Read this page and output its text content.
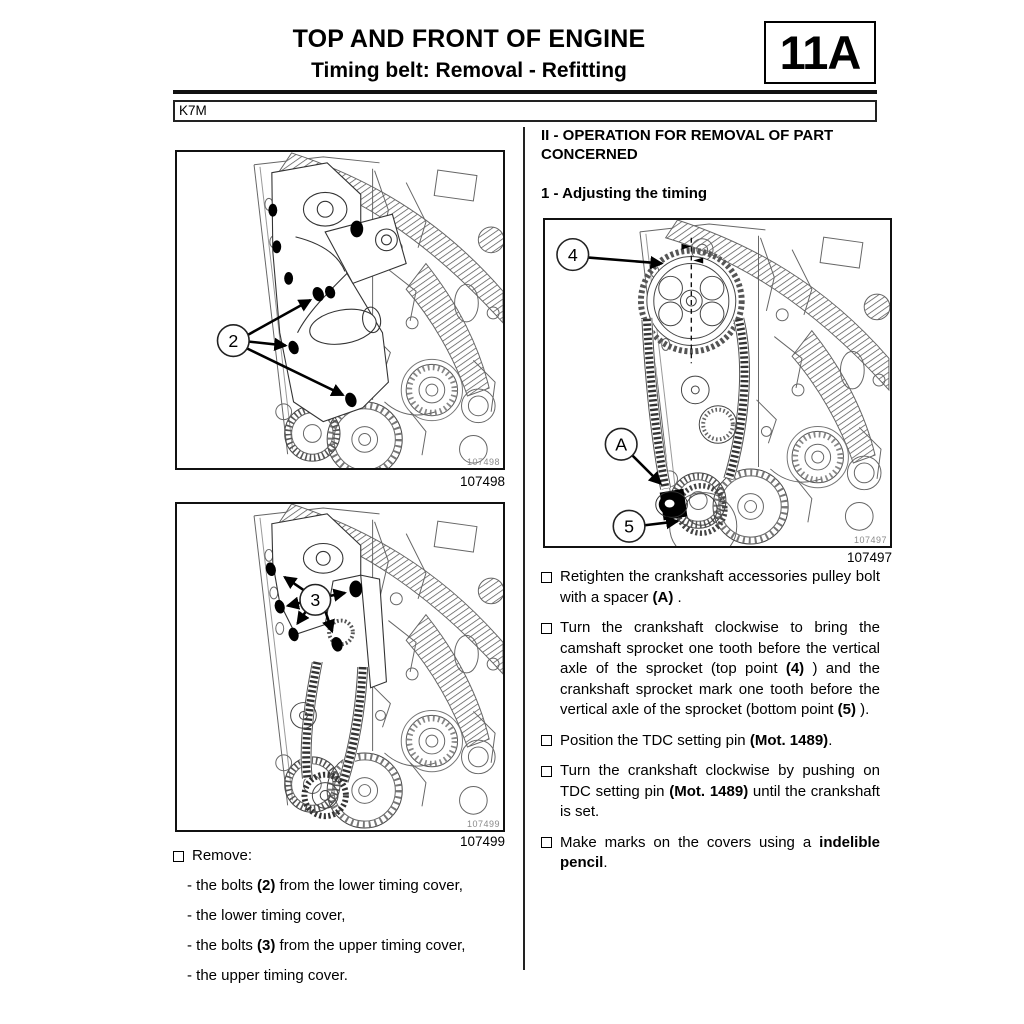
TOP AND FRONT OF ENGINE
Timing belt: Removal - Refitting	11A
K7M
2
107498
107498
3
107499
107499
4
A
5
107497
107497
II - OPERATION FOR REMOVAL OF PART CONCERNED
1 - Adjusting the timing

Retighten the crankshaft accessories pulley bolt with a spacer (A) .

Turn the crankshaft clockwise to bring the camshaft sprocket one tooth before the vertical axle of the sprocket (top point (4) ) and the crankshaft sprocket mark one tooth before the vertical axle of the sprocket (bottom point (5) ).

Position the TDC setting pin (Mot. 1489).

Turn the crankshaft clockwise by pushing on TDC setting pin (Mot. 1489) until the crankshaft is set.

Make marks on the covers using a indelible pencil.

Remove:

- the bolts (2) from the lower timing cover,

- the lower timing cover,

- the bolts (3) from the upper timing cover,

- the upper timing cover.
